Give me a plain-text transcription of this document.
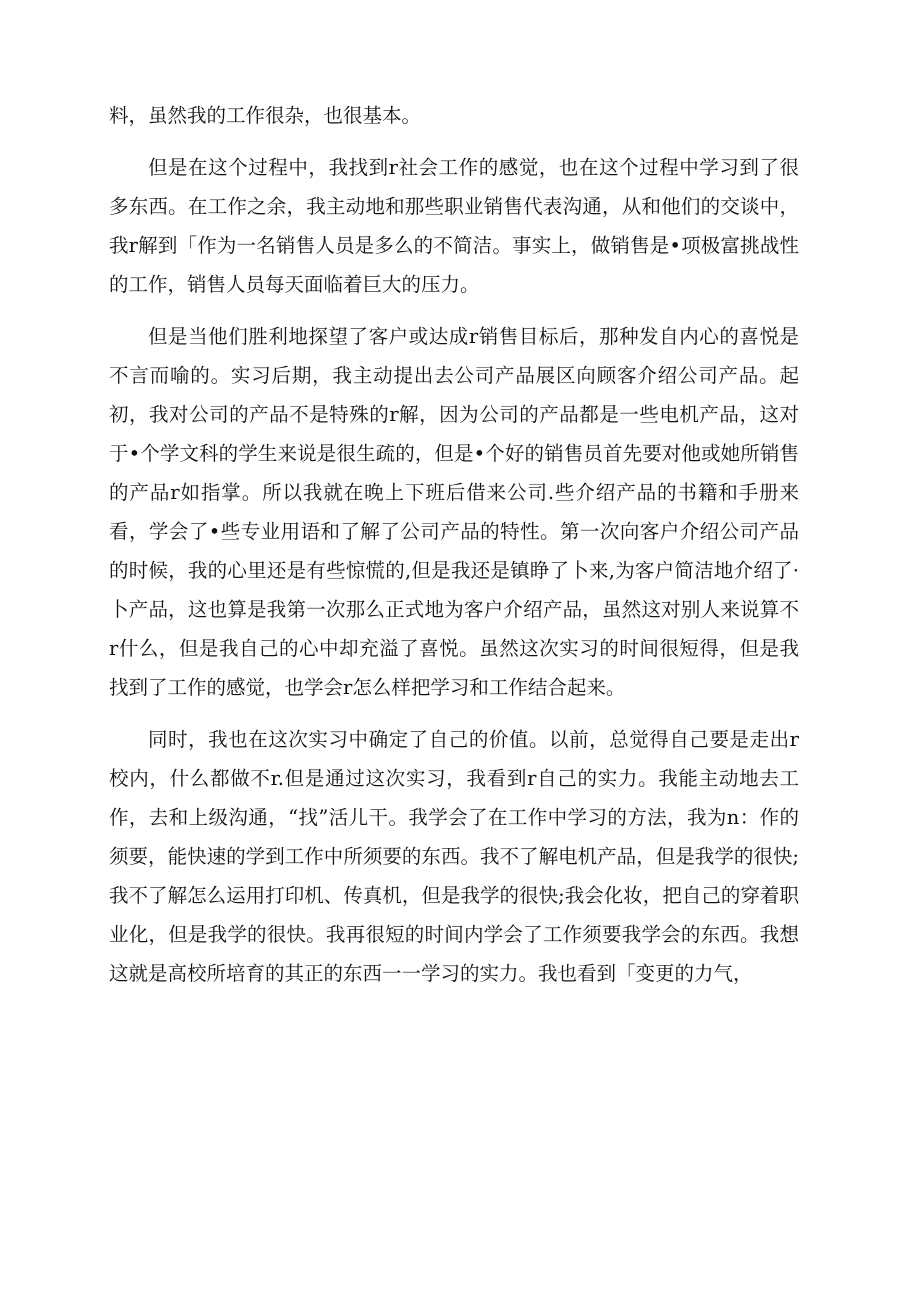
料，虽然我的工作很杂，也很基本。

但是在这个过程中，我找到r社会工作的感觉，也在这个过程中学习到了很多东西。在工作之余，我主动地和那些职业销售代表沟通，从和他们的交谈中，我r解到「作为一名销售人员是多么的不简洁。事实上，做销售是•项极富挑战性的工作，销售人员每天面临着巨大的压力。

但是当他们胜利地探望了客户或达成r销售目标后，那种发自内心的喜悦是不言而喻的。实习后期，我主动提出去公司产品展区向顾客介绍公司产品。起初，我对公司的产品不是特殊的r解，因为公司的产品都是一些电机产品，这对于•个学文科的学生来说是很生疏的，但是•个好的销售员首先要对他或她所销售的产品r如指掌。所以我就在晚上下班后借来公司.些介绍产品的书籍和手册来看，学会了•些专业用语和了解了公司产品的特性。第一次向客户介绍公司产品的时候，我的心里还是有些惊慌的,但是我还是镇睁了卜来,为客户简洁地介绍了·卜产品，这也算是我第一次那么正式地为客户介绍产品，虽然这对别人来说算不r什么，但是我自己的心中却充溢了喜悦。虽然这次实习的时间很短得，但是我找到了工作的感觉，也学会r怎么样把学习和工作结合起来。

同时，我也在这次实习中确定了自己的价值。以前，总觉得自己要是走出r校内，什么都做不r.但是通过这次实习，我看到r自己的实力。我能主动地去工作，去和上级沟通，“找”活儿干。我学会了在工作中学习的方法，我为n：作的须要，能快速的学到工作中所须要的东西。我不了解电机产品，但是我学的很快;我不了解怎么运用打印机、传真机，但是我学的很快;我会化妆，把自己的穿着职业化，但是我学的很快。我再很短的时间内学会了工作须要我学会的东西。我想这就是高校所培育的其正的东西一一学习的实力。我也看到「变更的力气，
